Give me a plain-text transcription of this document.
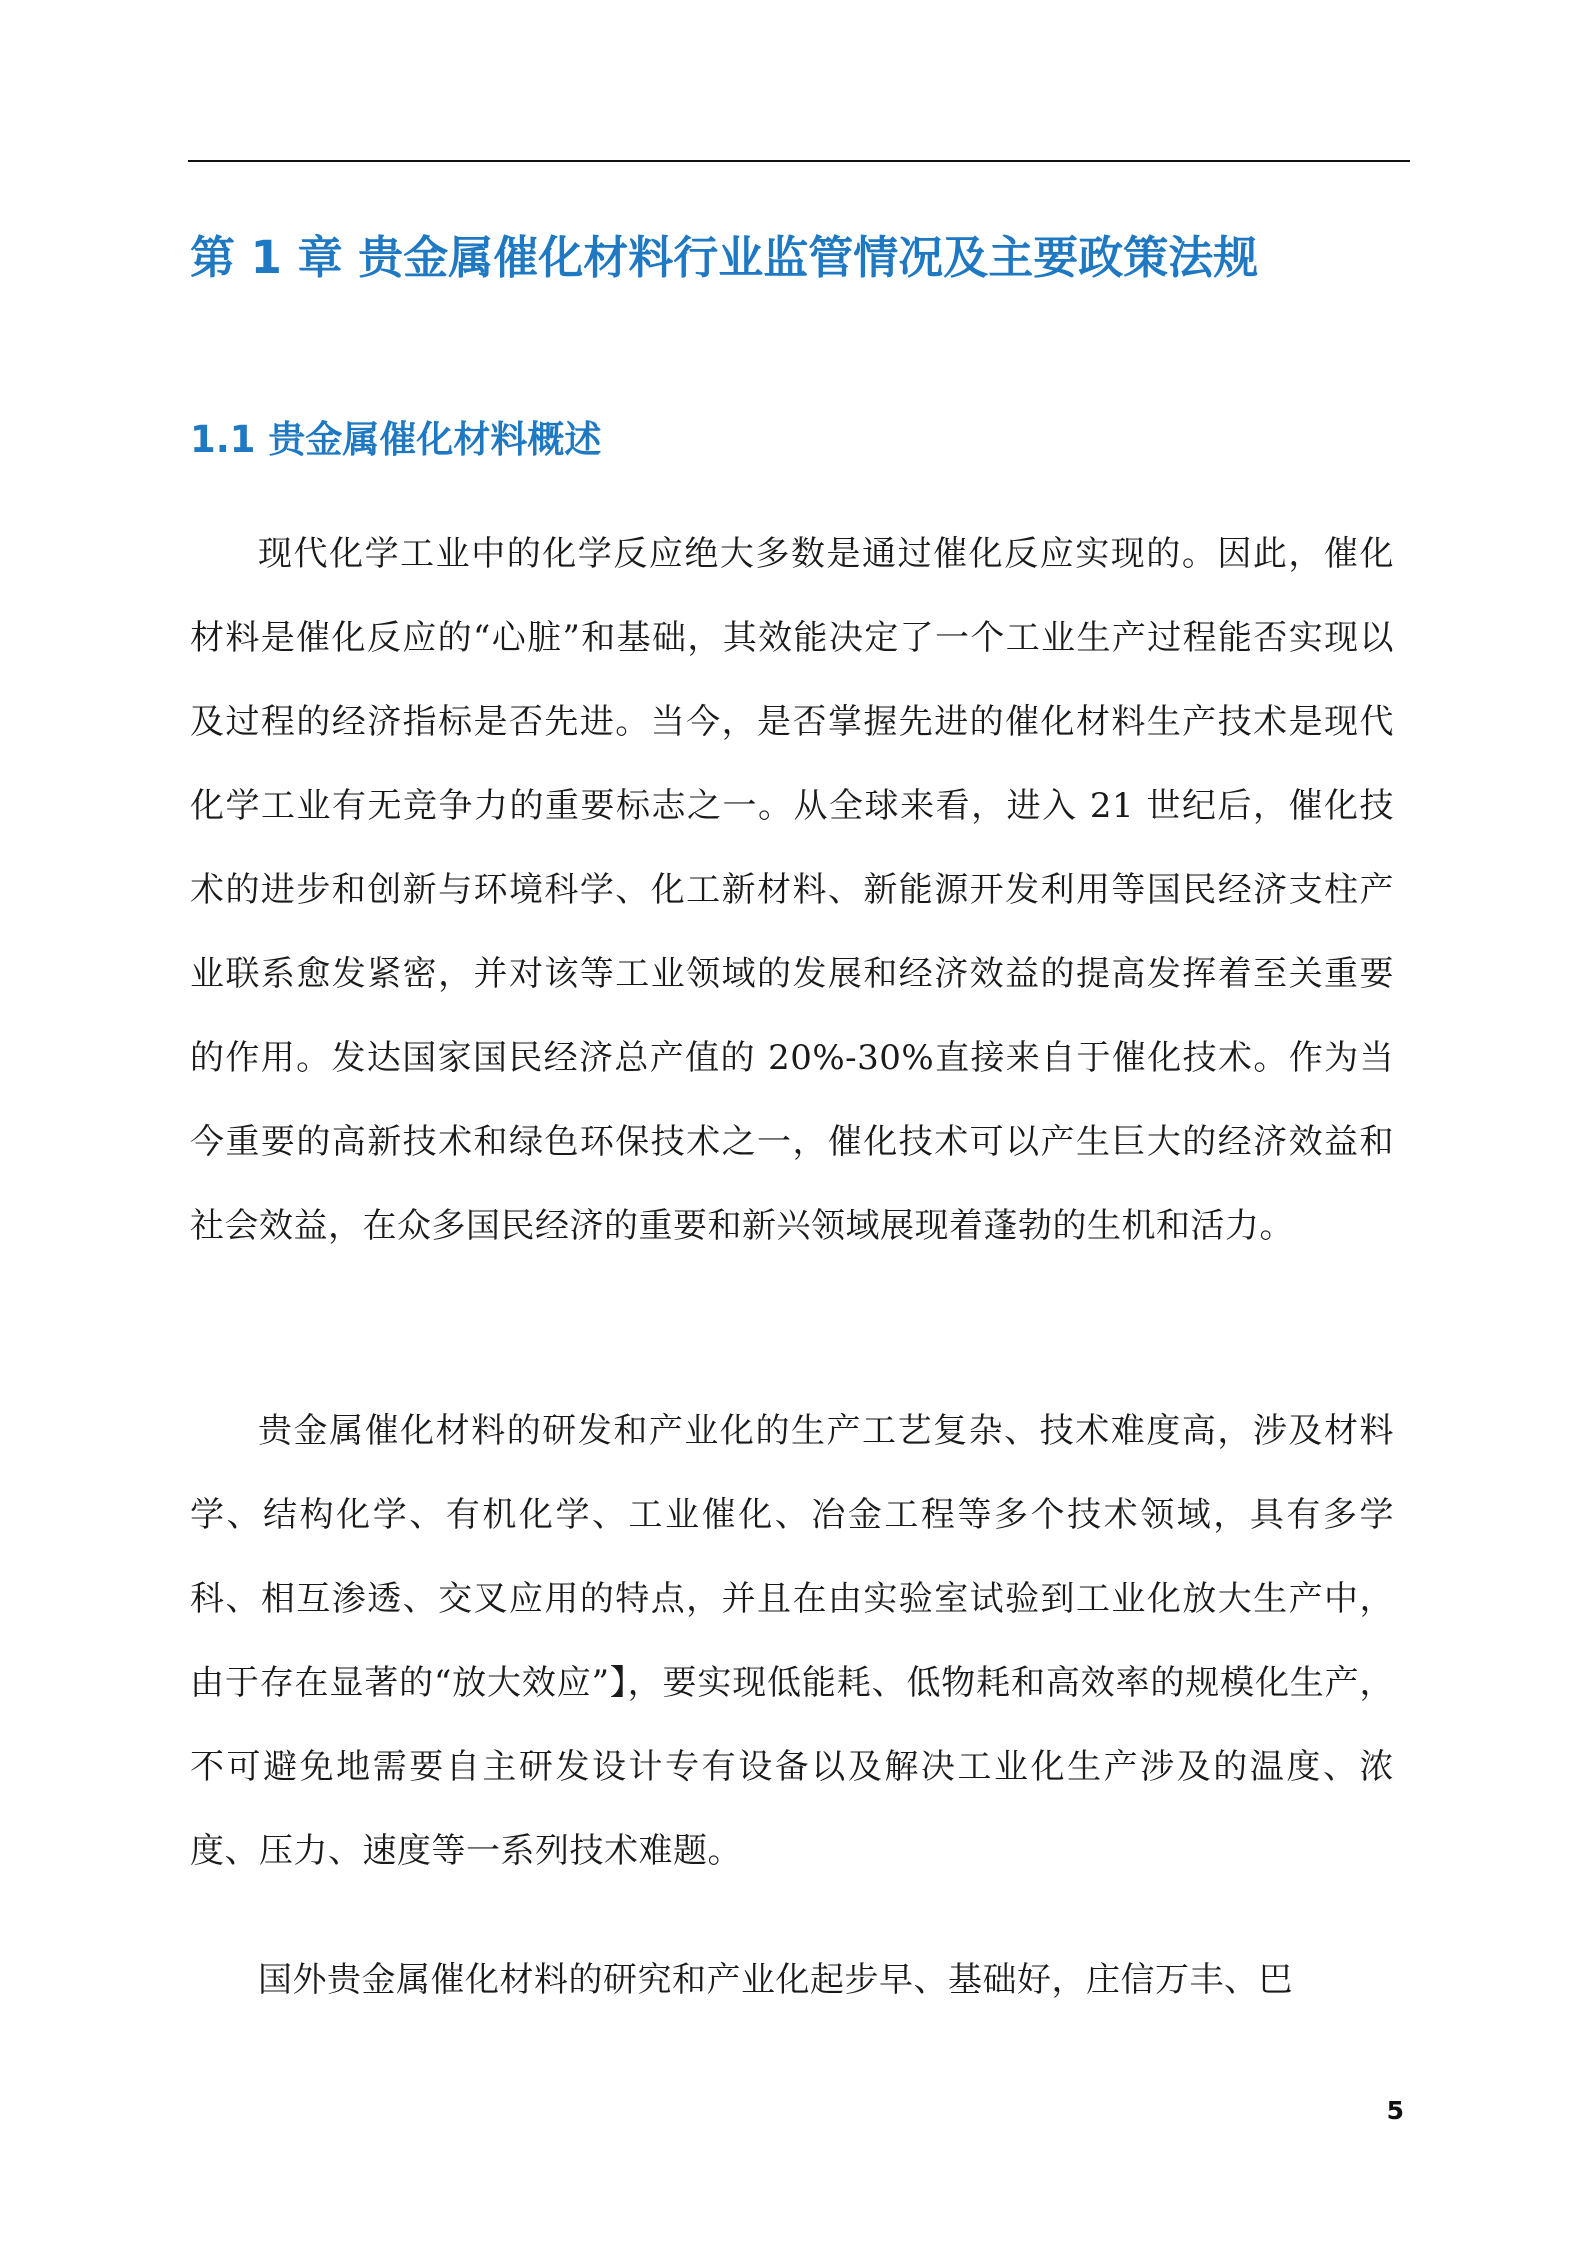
第 1 章 贵金属催化材料行业监管情况及主要政策法规
1.1 贵金属催化材料概述

现代化学工业中的化学反应绝大多数是通过催化反应实现的。因此，催化材料是催化反应的“心脏”和基础，其效能决定了一个工业生产过程能否实现以及过程的经济指标是否先进。当今，是否掌握先进的催化材料生产技术是现代化学工业有无竞争力的重要标志之一。从全球来看，进入 21 世纪后，催化技术的进步和创新与环境科学、化工新材料、新能源开发利用等国民经济支柱产业联系愈发紧密，并对该等工业领域的发展和经济效益的提高发挥着至关重要的作用。发达国家国民经济总产值的 20%-30%直接来自于催化技术。作为当今重要的高新技术和绿色环保技术之一，催化技术可以产生巨大的经济效益和社会效益，在众多国民经济的重要和新兴领域展现着蓬勃的生机和活力。

贵金属催化材料的研发和产业化的生产工艺复杂、技术难度高，涉及材料学、结构化学、有机化学、工业催化、冶金工程等多个技术领域，具有多学科、相互渗透、交叉应用的特点，并且在由实验室试验到工业化放大生产中，由于存在显著的“放大效应”】，要实现低能耗、低物耗和高效率的规模化生产，不可避免地需要自主研发设计专有设备以及解决工业化生产涉及的温度、浓度、压力、速度等一系列技术难题。

国外贵金属催化材料的研究和产业化起步早、基础好，庄信万丰、巴

5
